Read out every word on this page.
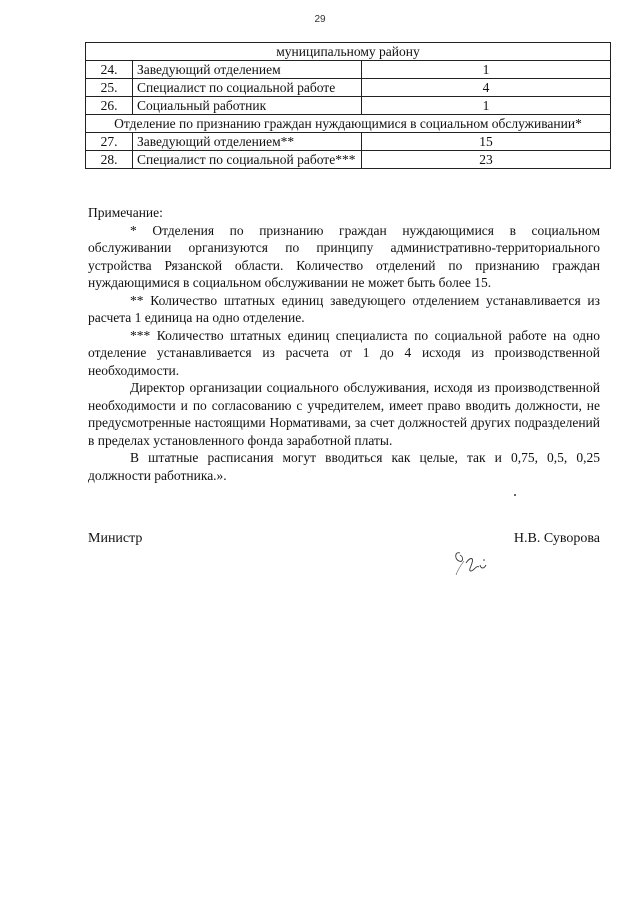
29
муниципальному району		
24.	Заведующий отделением	1
25.	Специалист по социальной работе	4
26.	Социальный работник	1
Отделение по признанию граждан нуждающимися в социальном обслуживании*		
27.	Заведующий отделением**	15
28.	Специалист по социальной работе***	23

Примечание:

* Отделения по признанию граждан нуждающимися в социальном обслуживании организуются по принципу административно-территориального устройства Рязанской области. Количество отделений по признанию граждан нуждающимися в социальном обслуживании не может быть более 15.

** Количество штатных единиц заведующего отделением устанавливается из расчета 1 единица на одно отделение.

*** Количество штатных единиц специалиста по социальной работе на одно отделение устанавливается из расчета от 1 до 4 исходя из производственной необходимости.

Директор организации социального обслуживания, исходя из производственной необходимости и по согласованию с учредителем, имеет право вводить должности, не предусмотренные настоящими Нормативами, за счет должностей других подразделений в пределах установленного фонда заработной платы.

В штатные расписания могут вводиться как целые, так и 0,75, 0,5, 0,25 должности работника.».

Министр	Н.В. Суворова
